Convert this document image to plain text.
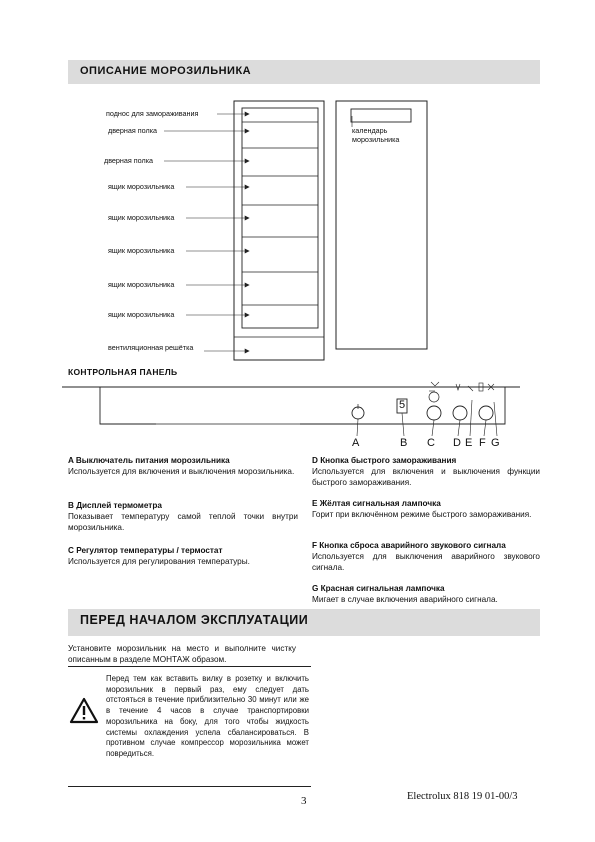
ОПИСАНИЕ МОРОЗИЛЬНИКА
поднос для замораживания
дверная полка
дверная полка
ящик морозильника
ящик морозильника
ящик морозильника
ящик морозильника
ящик морозильника
вентиляционная решётка
календарь морозильника
КОНТРОЛЬНАЯ ПАНЕЛЬ
5
A	B C D E F G
A Выключатель питания морозильника
Используется для включения и выключения морозильника.
B Дисплей термометра
Показывает температуру самой теплой точки внутри морозильника.
C Регулятор температуры / термостат
Используется для регулирования температуры.
D Кнопка быстрого замораживания
Используется для включения и выключения функции быстрого замораживания.
E Жёлтая сигнальная лампочка
Горит при включённом режиме быстрого замораживания.
F Кнопка сброса аварийного звукового сигнала
Используется для выключения аварийного звукового сигнала.
G Красная сигнальная лампочка
Мигает в случае включения аварийного сигнала.
ПЕРЕД НАЧАЛОМ ЭКСПЛУАТАЦИИ
Установите морозильник на место и выполните чистку описанным в разделе МОНТАЖ образом.
Перед тем как вставить вилку в розетку и включить морозильник в первый раз, ему следует дать отстояться в течение приблизительно 30 минут или же в течение 4 часов в случае транспортировки морозильника на боку, для того чтобы жидкость системы охлаждения успела сбалансироваться. В противном случае компрессор морозильника может повредиться.
3	Electrolux 818 19 01-00/3
